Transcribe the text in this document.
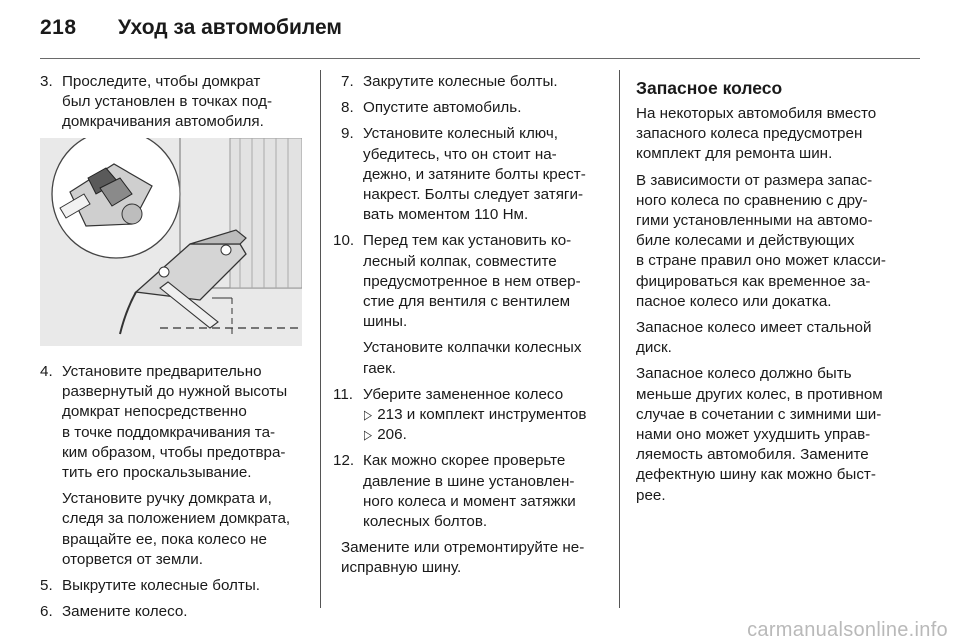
218 Уход за автомобилем
3. Проследите, чтобы домкрат

был установлен в точках под-

домкрачивания автомобиля.

4. Установите предварительно

развернутый до нужной высоты

домкрат непосредственно

в точке поддомкрачивания та-

ким образом, чтобы предотвра-

тить его проскальзывание.

Установите ручку домкрата и,

следя за положением домкрата,

вращайте ее, пока колесо не

оторвется от земли.

5. Выкрутите колесные болты.

6. Замените колесо.

7. Закрутите колесные болты.

8. Опустите автомобиль.

9. Установите колесный ключ,

убедитесь, что он стоит на-

дежно, и затяните болты крест-

накрест. Болты следует затяги-

вать моментом 110 Нм.

10. Перед тем как установить ко-

лесный колпак, совместите

предусмотренное в нем отвер-

стие для вентиля с вентилем

шины.

Установите колпачки колесных

гаек.

11. Уберите замененное колесо

▷ 213 и комплект инструментов

▷ 206.

12. Как можно скорее проверьте

давление в шине установлен-

ного колеса и момент затяжки

колесных болтов.

Замените или отремонтируйте не-

исправную шину.

Запасное колесо

На некоторых автомобиля вместо

запасного колеса предусмотрен

комплект для ремонта шин.

В зависимости от размера запас-

ного колеса по сравнению с дру-

гими установленными на автомо-

биле колесами и действующих

в стране правил оно может класси-

фицироваться как временное за-

пасное колесо или докатка.

Запасное колесо имеет стальной

диск.

Запасное колесо должно быть

меньше других колес, в противном

случае в сочетании с зимними ши-

нами оно может ухудшить управ-

ляемость автомобиля. Замените

дефектную шину как можно быст-

рее.

carmanualsonline.info
